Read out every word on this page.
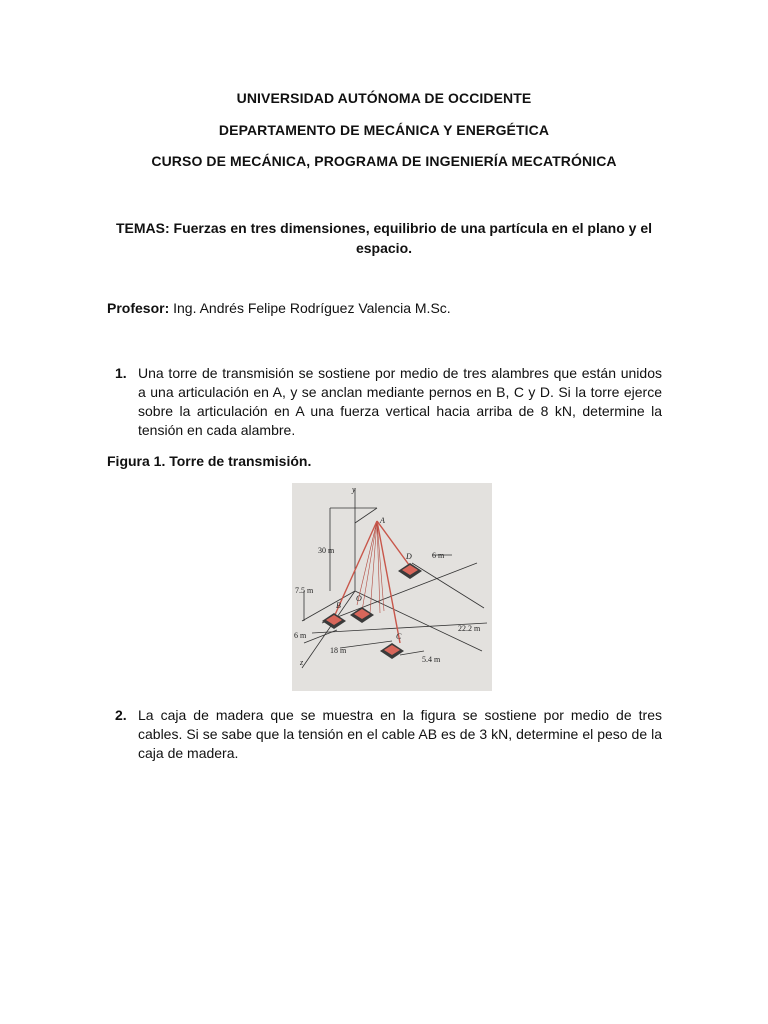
UNIVERSIDAD AUTÓNOMA DE OCCIDENTE
DEPARTAMENTO DE MECÁNICA Y ENERGÉTICA
CURSO DE MECÁNICA, PROGRAMA DE INGENIERÍA MECATRÓNICA
TEMAS: Fuerzas en tres dimensiones, equilibrio de una partícula en el plano y el espacio.
Profesor: Ing. Andrés Felipe Rodríguez Valencia M.Sc.
1. Una torre de transmisión se sostiene por medio de tres alambres que están unidos a una articulación en A, y se anclan mediante pernos en B, C y D. Si la torre ejerce sobre la articulación en A una fuerza vertical hacia arriba de 8 kN, determine la tensión en cada alambre.
Figura 1. Torre de transmisión.
y
z
A
B
C
D
O
30 m
7.5 m
6 m
6 m
18 m
22.2 m
5.4 m
2. La caja de madera que se muestra en la figura se sostiene por medio de tres cables. Si se sabe que la tensión en el cable AB es de 3 kN, determine el peso de la caja de madera.
